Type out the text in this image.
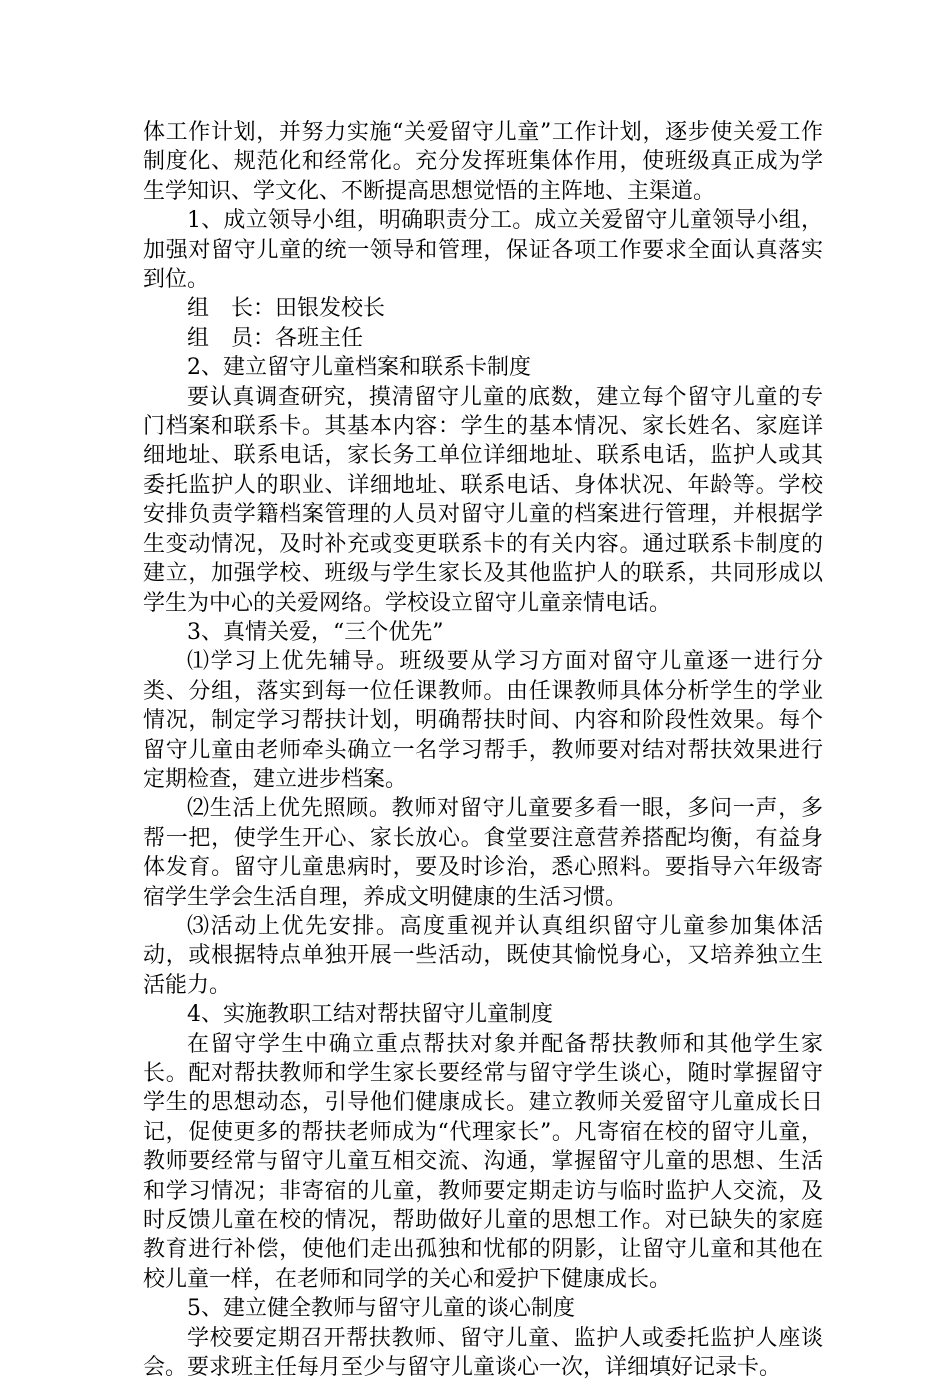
体工作计划，并努力实施“关爱留守儿童”工作计划，逐步使关爱工作制度化、规范化和经常化。充分发挥班集体作用，使班级真正成为学生学知识、学文化、不断提高思想觉悟的主阵地、主渠道。

1、成立领导小组，明确职责分工。成立关爱留守儿童领导小组，加强对留守儿童的统一领导和管理，保证各项工作要求全面认真落实到位。

组　长：田银发校长

组　员：各班主任

2、建立留守儿童档案和联系卡制度

要认真调查研究，摸清留守儿童的底数，建立每个留守儿童的专门档案和联系卡。其基本内容：学生的基本情况、家长姓名、家庭详细地址、联系电话，家长务工单位详细地址、联系电话，监护人或其委托监护人的职业、详细地址、联系电话、身体状况、年龄等。学校安排负责学籍档案管理的人员对留守儿童的档案进行管理，并根据学生变动情况，及时补充或变更联系卡的有关内容。通过联系卡制度的建立，加强学校、班级与学生家长及其他监护人的联系，共同形成以学生为中心的关爱网络。学校设立留守儿童亲情电话。

3、真情关爱，“三个优先”

⑴学习上优先辅导。班级要从学习方面对留守儿童逐一进行分类、分组，落实到每一位任课教师。由任课教师具体分析学生的学业情况，制定学习帮扶计划，明确帮扶时间、内容和阶段性效果。每个留守儿童由老师牵头确立一名学习帮手，教师要对结对帮扶效果进行定期检查，建立进步档案。

⑵生活上优先照顾。教师对留守儿童要多看一眼，多问一声，多帮一把，使学生开心、家长放心。食堂要注意营养搭配均衡，有益身体发育。留守儿童患病时，要及时诊治，悉心照料。要指导六年级寄宿学生学会生活自理，养成文明健康的生活习惯。

⑶活动上优先安排。高度重视并认真组织留守儿童参加集体活动，或根据特点单独开展一些活动，既使其愉悦身心，又培养独立生活能力。

4、实施教职工结对帮扶留守儿童制度

在留守学生中确立重点帮扶对象并配备帮扶教师和其他学生家长。配对帮扶教师和学生家长要经常与留守学生谈心，随时掌握留守学生的思想动态，引导他们健康成长。建立教师关爱留守儿童成长日记，促使更多的帮扶老师成为“代理家长”。凡寄宿在校的留守儿童，教师要经常与留守儿童互相交流、沟通，掌握留守儿童的思想、生活和学习情况；非寄宿的儿童，教师要定期走访与临时监护人交流，及时反馈儿童在校的情况，帮助做好儿童的思想工作。对已缺失的家庭教育进行补偿，使他们走出孤独和忧郁的阴影，让留守儿童和其他在校儿童一样，在老师和同学的关心和爱护下健康成长。

5、建立健全教师与留守儿童的谈心制度

学校要定期召开帮扶教师、留守儿童、监护人或委托监护人座谈会。要求班主任每月至少与留守儿童谈心一次，详细填好记录卡。
